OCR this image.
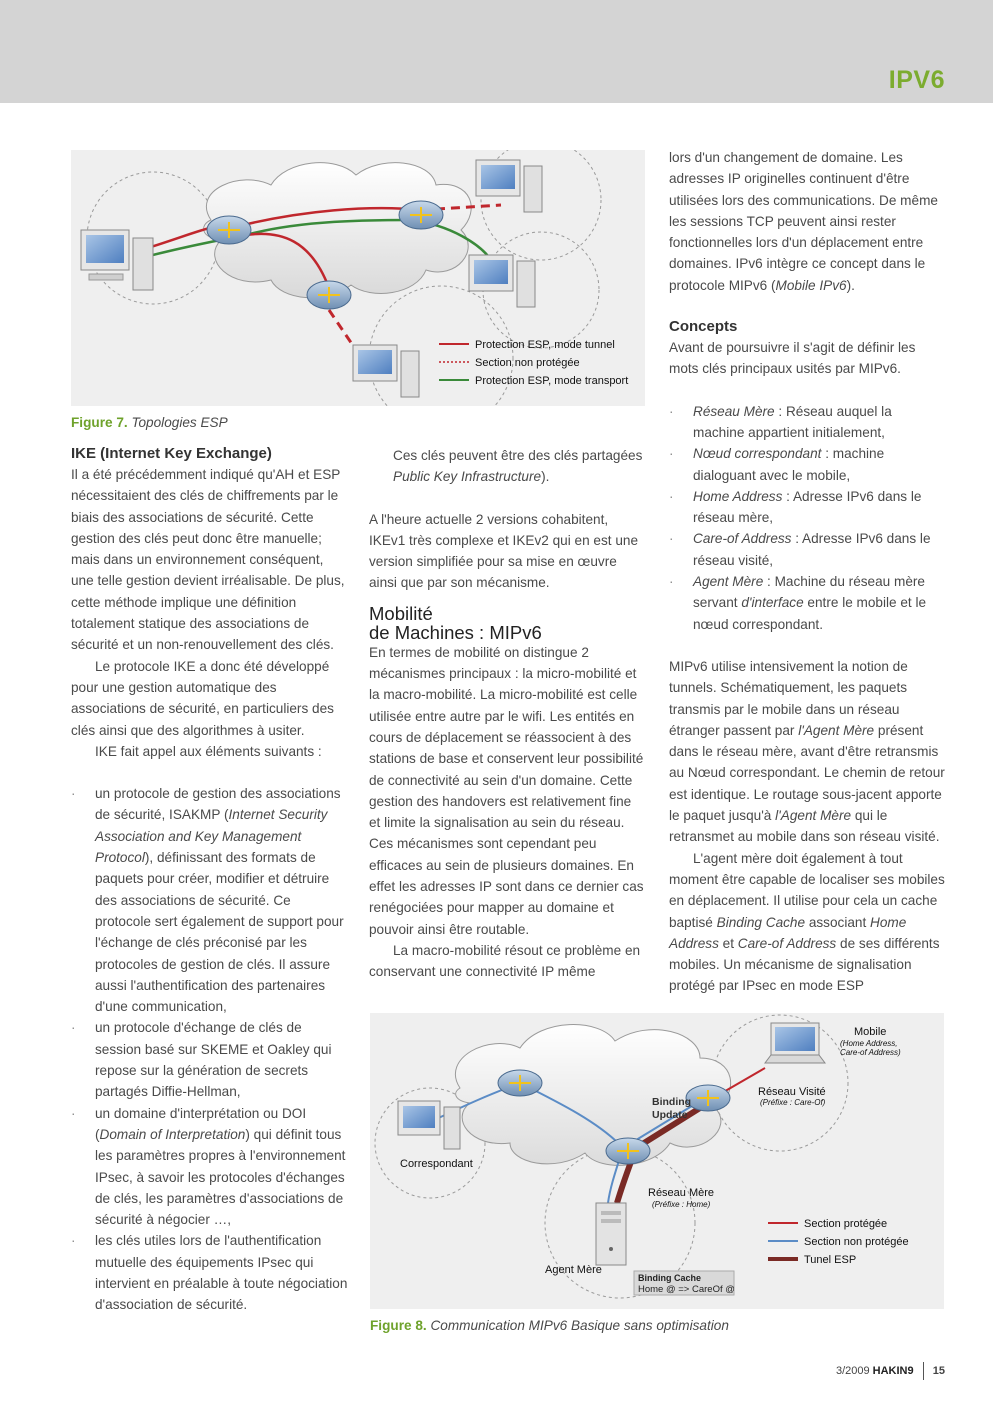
IPV6
Protection ESP, mode tunnel
Section non protégée
Protection ESP, mode transport
Figure 7. Topologies ESP

IKE (Internet Key Exchange)

Il a été précédemment indiqué qu'AH et ESP nécessitaient des clés de chiffrements par le biais des associations de sécurité. Cette gestion des clés peut donc être manuelle; mais dans un environnement conséquent, une telle gestion devient irréalisable. De plus, cette méthode implique une définition totalement statique des associations de sécurité et un non-renouvellement des clés.

Le protocole IKE a donc été développé pour une gestion automatique des associations de sécurité, en particuliers des clés ainsi que des algorithmes à usiter.

IKE fait appel aux éléments suivants :

· un protocole de gestion des associations de sécurité, ISAKMP (Internet Security Association and Key Management Protocol), définissant des formats de paquets pour créer, modifier et détruire des associations de sécurité. Ce protocole sert également de support pour l'échange de clés préconisé par les protocoles de gestion de clés. Il assure aussi l'authentification des partenaires d'une communication,
· un protocole d'échange de clés de session basé sur SKEME et Oakley qui repose sur la génération de secrets partagés Diffie-Hellman,
· un domaine d'interprétation ou DOI (Domain of Interpretation) qui définit tous les paramètres propres à l'environnement IPsec, à savoir les protocoles d'échanges de clés, les paramètres d'associations de sécurité à négocier …,
· les clés utiles lors de l'authentification mutuelle des équipements IPsec qui intervient en préalable à toute négociation d'association de sécurité.

Ces clés peuvent être des clés partagées Public Key Infrastructure).

A l'heure actuelle 2 versions cohabitent, IKEv1 très complexe et IKEv2 qui en est une version simplifiée pour sa mise en œuvre ainsi que par son mécanisme.

Mobilité

de Machines : MIPv6

En termes de mobilité on distingue 2 mécanismes principaux : la micro-mobilité et la macro-mobilité. La micro-mobilité est celle utilisée entre autre par le wifi. Les entités en cours de déplacement se réassocient à des stations de base et conservent leur possibilité de connectivité au sein d'un domaine. Cette gestion des handovers est relativement fine et limite la signalisation au sein du réseau. Ces mécanismes sont cependant peu efficaces au sein de plusieurs domaines. En effet les adresses IP sont dans ce dernier cas renégociées pour mapper au domaine et pouvoir ainsi être routable.

La macro-mobilité résout ce problème en conservant une connectivité IP même

lors d'un changement de domaine. Les adresses IP originelles continuent d'être utilisées lors des communications. De même les sessions TCP peuvent ainsi rester fonctionnelles lors d'un déplacement entre domaines. IPv6 intègre ce concept dans le protocole MIPv6 (Mobile IPv6).

Concepts

Avant de poursuivre il s'agit de définir les mots clés principaux usités par MIPv6.

· Réseau Mère : Réseau auquel la machine appartient initialement,
· Nœud correspondant : machine dialoguant avec le mobile,
· Home Address : Adresse IPv6 dans le réseau mère,
· Care-of Address : Adresse IPv6 dans le réseau visité,
· Agent Mère : Machine du réseau mère servant d'interface entre le mobile et le nœud correspondant.

MIPv6 utilise intensivement la notion de tunnels. Schématiquement, les paquets transmis par le mobile dans un réseau étranger passent par l'Agent Mère présent dans le réseau mère, avant d'être retransmis au Nœud correspondant. Le chemin de retour est identique. Le routage sous-jacent apporte le paquet jusqu'à l'Agent Mère qui le retransmet au mobile dans son réseau visité.

L'agent mère doit également à tout moment être capable de localiser ses mobiles en déplacement. Il utilise pour cela un cache baptisé Binding Cache associant Home Address et Care-of Address de ses différents mobiles. Un mécanisme de signalisation protégé par IPsec en mode ESP

Correspondant
Mobile
(Home Address,
Care-of Address)
Réseau Visité
(Préfixe : Care-Of)
Binding
Update
Réseau Mère
(Préfixe : Home)
Agent Mère
Binding Cache
Home @ => CareOf @
Section protégée
Section non protégée
Tunel ESP
Figure 8. Communication MIPv6 Basique sans optimisation
3/2009 HAKIN9 15
